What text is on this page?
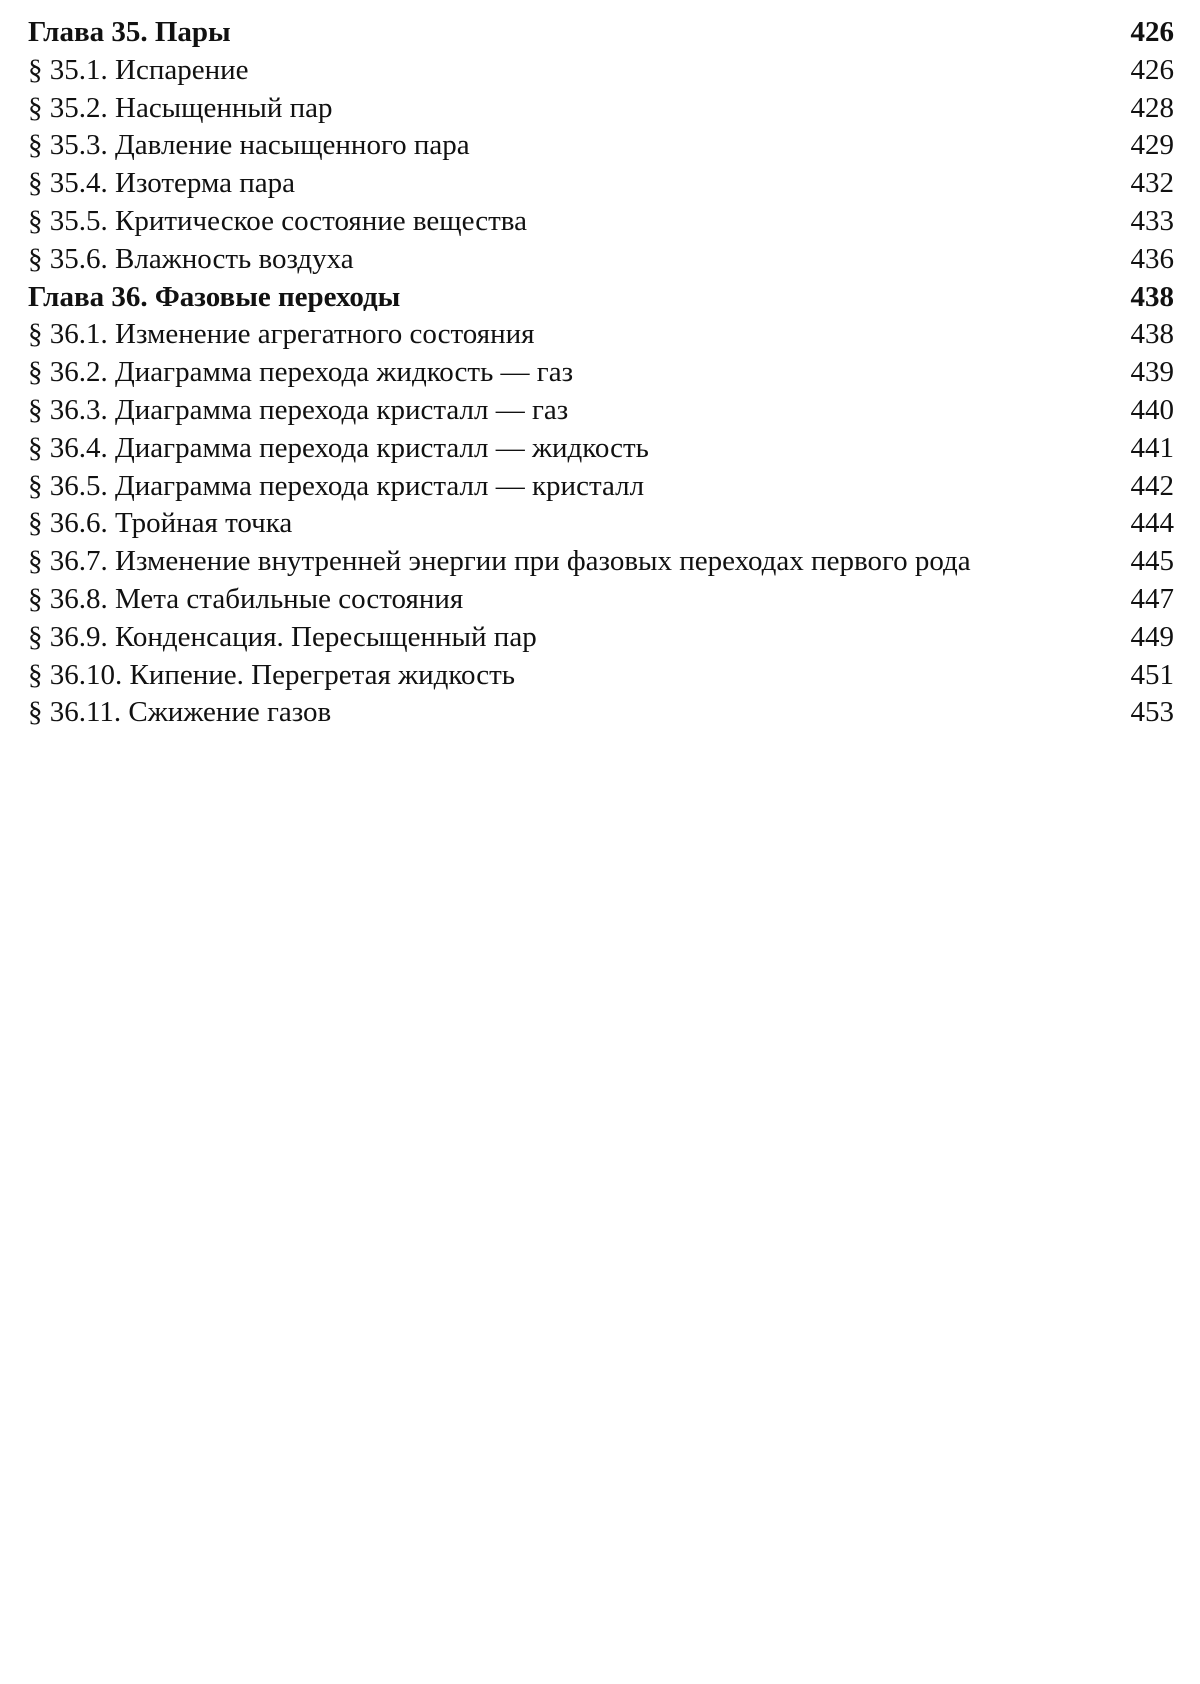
Глава 35. Пары	426
§ 35.1. Испарение	426
§ 35.2. Насыщенный пар	428
§ 35.3. Давление насыщенного пара	429
§ 35.4. Изотерма пара	432
§ 35.5. Критическое состояние вещества	433
§ 35.6. Влажность воздуха	436
Глава 36. Фазовые переходы	438
§ 36.1. Изменение агрегатного состояния	438
§ 36.2. Диаграмма перехода жидкость — газ	439
§ 36.3. Диаграмма перехода кристалл — газ	440
§ 36.4. Диаграмма перехода кристалл — жидкость	441
§ 36.5. Диаграмма перехода кристалл — кристалл	442
§ 36.6. Тройная точка	444
§ 36.7. Изменение внутренней энергии при фазовых переходах первого рода	445
§ 36.8. Мета стабильные состояния	447
§ 36.9. Конденсация. Пересыщенный пар	449
§ 36.10. Кипение. Перегретая жидкость	451
§ 36.11. Сжижение газов	453
